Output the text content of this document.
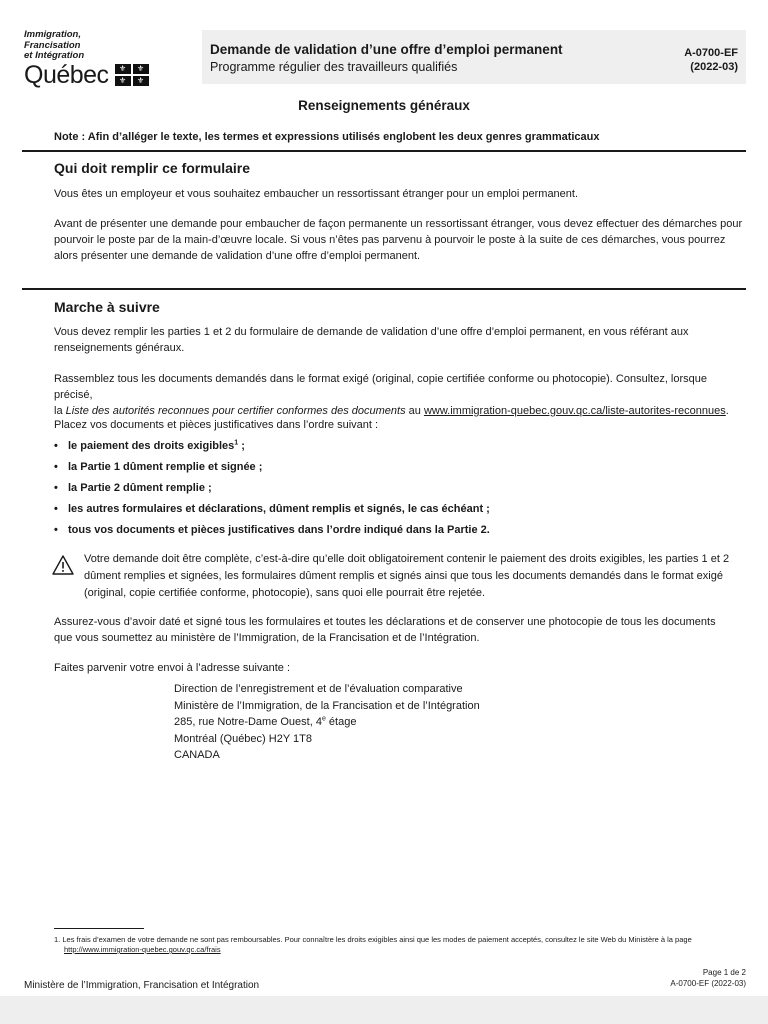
Immigration,
Francisation
et Intégration
Québec	⚜	⚜
⚜	⚜
Demande de validation d’une offre d’emploi permanent
Programme régulier des travailleurs qualifiés
A-0700-EF
(2022-03)
Renseignements généraux
Note : Afin d’alléger le texte, les termes et expressions utilisés englobent les deux genres grammaticaux
Qui doit remplir ce formulaire
Vous êtes un employeur et vous souhaitez embaucher un ressortissant étranger pour un emploi permanent.
Avant de présenter une demande pour embaucher de façon permanente un ressortissant étranger, vous devez effectuer des démarches pour
pourvoir le poste par de la main-d’œuvre locale. Si vous n’êtes pas parvenu à pourvoir le poste à la suite de ces démarches, vous pourrez
alors présenter une demande de validation d’une offre d’emploi permanent.
Marche à suivre
Vous devez remplir les parties 1 et 2 du formulaire de demande de validation d’une offre d’emploi permanent, en vous référant aux
renseignements généraux.
Rassemblez tous les documents demandés dans le format exigé (original, copie certifiée conforme ou photocopie). Consultez, lorsque précisé,
la Liste des autorités reconnues pour certifier conformes des documents au www.immigration-quebec.gouv.qc.ca/liste-autorites-reconnues.
Placez vos documents et pièces justificatives dans l’ordre suivant :
• le paiement des droits exigibles$^1$ ;
• la Partie 1 dûment remplie et signée ;
• la Partie 2 dûment remplie ;
• les autres formulaires et déclarations, dûment remplis et signés, le cas échéant ;
• tous vos documents et pièces justificatives dans l’ordre indiqué dans la Partie 2.
Votre demande doit être complète, c’est-à-dire qu’elle doit obligatoirement contenir le paiement des droits exigibles, les parties 1 et 2
dûment remplies et signées, les formulaires dûment remplis et signés ainsi que tous les documents demandés dans le format exigé
(original, copie certifiée conforme, photocopie), sans quoi elle pourrait être rejetée.
Assurez-vous d’avoir daté et signé tous les formulaires et toutes les déclarations et de conserver une photocopie de tous les documents
que vous soumettez au ministère de l’Immigration, de la Francisation et de l’Intégration.
Faites parvenir votre envoi à l’adresse suivante :
Direction de l’enregistrement et de l’évaluation comparative
Ministère de l’Immigration, de la Francisation et de l’Intégration
285, rue Notre-Dame Ouest, 4e étage
Montréal (Québec) H2Y 1T8
CANADA
1. Les frais d’examen de votre demande ne sont pas remboursables. Pour connaître les droits exigibles ainsi que les modes de paiement acceptés, consultez le site Web du Ministère à la page
http://www.immigration-quebec.gouv.qc.ca/frais
Page 1 de 2
A-0700-EF (2022-03)
Ministère de l’Immigration, Francisation et Intégration
